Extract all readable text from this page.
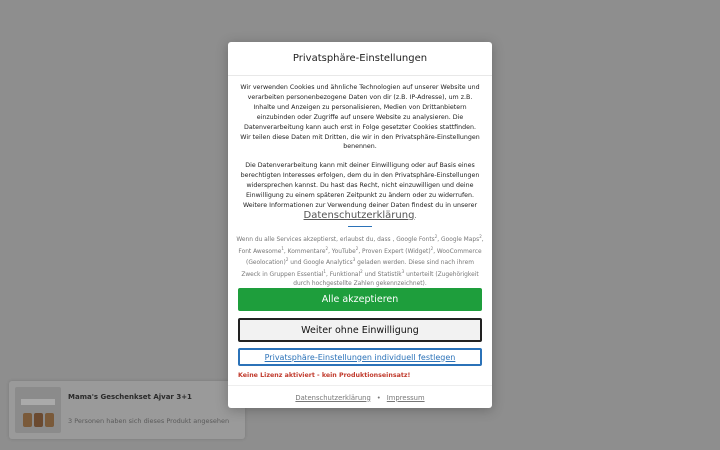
Mama's Geschenkset Ajvar 3+1
3 Personen haben sich dieses Produkt angesehen
Privatsphäre-Einstellungen

Wir verwenden Cookies und ähnliche Technologien auf unserer Website und verarbeiten personenbezogene Daten von dir (z.B. IP-Adresse), um z.B. Inhalte und Anzeigen zu personalisieren, Medien von Drittanbietern einzubinden oder Zugriffe auf unsere Website zu analysieren. Die Datenverarbeitung kann auch erst in Folge gesetzter Cookies stattfinden. Wir teilen diese Daten mit Dritten, die wir in den Privatsphäre-Einstellungen benennen.

Die Datenverarbeitung kann mit deiner Einwilligung oder auf Basis eines berechtigten Interesses erfolgen, dem du in den Privatsphäre-Einstellungen widersprechen kannst. Du hast das Recht, nicht einzuwilligen und deine Einwilligung zu einem späteren Zeitpunkt zu ändern oder zu widerrufen. Weitere Informationen zur Verwendung deiner Daten findest du in unserer Datenschutzerklärung.

Wenn du alle Services akzeptierst, erlaubst du, dass , Google Fonts$^2$, Google Maps$^2$, Font Awesome$^1$, Kommentare$^2$, YouTube$^2$, Proven Expert (Widget)$^2$, WooCommerce (Geolocation)$^2$ und Google Analytics$^3$ geladen werden. Diese sind nach ihrem Zweck in Gruppen Essential$^1$, Funktional$^2$ und Statistik$^3$ unterteilt (Zugehörigkeit durch hochgestellte Zahlen gekennzeichnet).

Alle akzeptieren
Weiter ohne Einwilligung
Privatsphäre-Einstellungen individuell festlegen
Keine Lizenz aktiviert - kein Produktionseinsatz!
Datenschutzerklärung • Impressum
